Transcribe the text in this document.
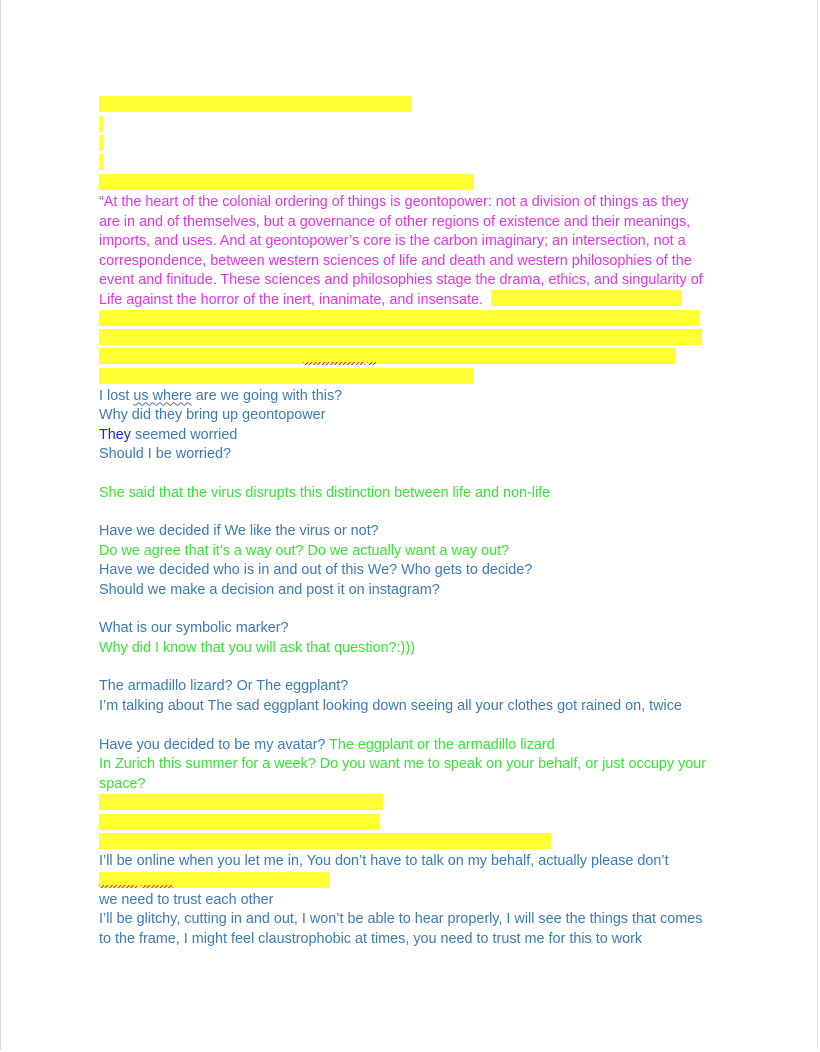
“At the heart of the colonial ordering of things is geontopower: not a division of things as they
are in and of themselves, but a governance of other regions of existence and their meanings,
imports, and uses. And at geontopower’s core is the carbon imaginary; an intersection, not a
correspondence, between western sciences of life and death and western philosophies of the
event and finitude. These sciences and philosophies stage the drama, ethics, and singularity of
Life against the horror of the inert, inanimate, and insensate.
I lost us where are we going with this?
Why did they bring up geontopower
They seemed worried
Should I be worried?
She said that the virus disrupts this distinction between life and non-life
Have we decided if We like the virus or not?
Do we agree that it’s a way out? Do we actually want a way out?
Have we decided who is in and out of this We? Who gets to decide?
Should we make a decision and post it on instagram?
What is our symbolic marker?
Why did I know that you will ask that question?:)))
The armadillo lizard? Or The eggplant?
I’m talking about The sad eggplant looking down seeing all your clothes got rained on, twice
Have you decided to be my avatar? The eggplant or the armadillo lizard
In Zurich this summer for a week? Do you want me to speak on your behalf, or just occupy your
space?
I’ll be online when you let me in, You don’t have to talk on my behalf, actually please don’t
we need to trust each other
I’ll be glitchy, cutting in and out, I won’t be able to hear properly, I will see the things that comes
to the frame, I might feel claustrophobic at times, you need to trust me for this to work
